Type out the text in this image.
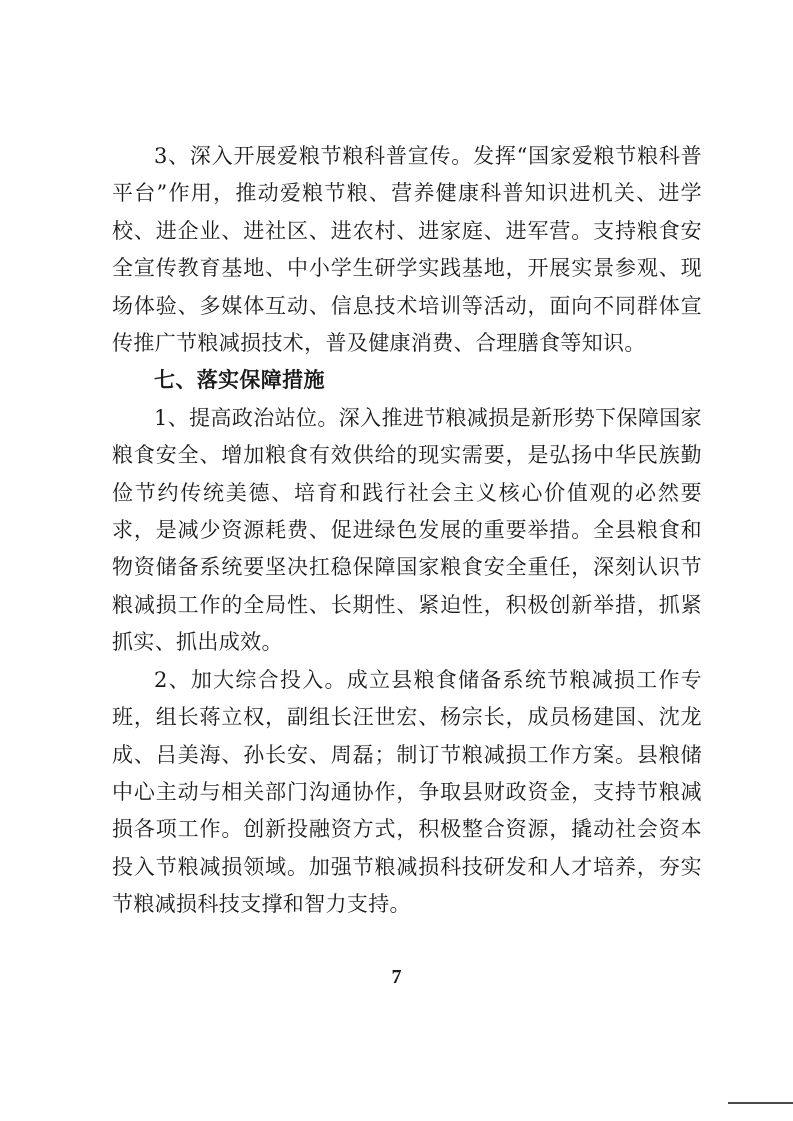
3、深入开展爱粮节粮科普宣传。发挥“国家爱粮节粮科普平台”作用，推动爱粮节粮、营养健康科普知识进机关、进学校、进企业、进社区、进农村、进家庭、进军营。支持粮食安全宣传教育基地、中小学生研学实践基地，开展实景参观、现场体验、多媒体互动、信息技术培训等活动，面向不同群体宣传推广节粮减损技术，普及健康消费、合理膳食等知识。

七、落实保障措施

1、提高政治站位。深入推进节粮减损是新形势下保障国家粮食安全、增加粮食有效供给的现实需要，是弘扬中华民族勤俭节约传统美德、培育和践行社会主义核心价值观的必然要求，是减少资源耗费、促进绿色发展的重要举措。全县粮食和物资储备系统要坚决扛稳保障国家粮食安全重任，深刻认识节粮减损工作的全局性、长期性、紧迫性，积极创新举措，抓紧抓实、抓出成效。

2、加大综合投入。成立县粮食储备系统节粮减损工作专班，组长蒋立权，副组长汪世宏、杨宗长，成员杨建国、沈龙成、吕美海、孙长安、周磊；制订节粮减损工作方案。县粮储中心主动与相关部门沟通协作，争取县财政资金，支持节粮减损各项工作。创新投融资方式，积极整合资源，撬动社会资本投入节粮减损领域。加强节粮减损科技研发和人才培养，夯实节粮减损科技支撑和智力支持。

7
